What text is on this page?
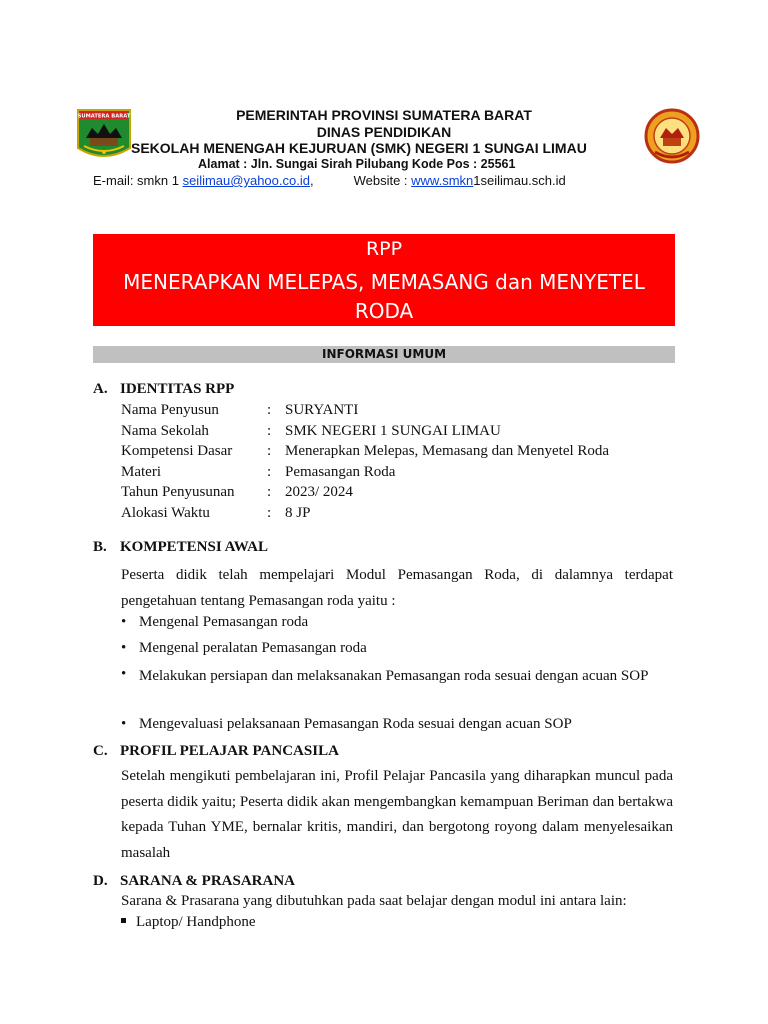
SUMATERA BARAT	PEMERINTAH PROVINSI SUMATERA BARAT
DINAS PENDIDIKAN
SEKOLAH MENENGAH KEJURUAN (SMK) NEGERI 1 SUNGAI LIMAU
Alamat : Jln. Sungai Sirah Pilubang Kode Pos : 25561
E-mail: smkn 1 seilimau@yahoo.co.id,	Website : www.smkn1seilimau.sch.id
RPP
MENERAPKAN MELEPAS, MEMASANG dan MENYETEL RODA
INFORMASI UMUM
A. IDENTITAS RPP
Nama Penyusun	: SURYANTI
Nama Sekolah	: SMK NEGERI 1 SUNGAI LIMAU
Kompetensi Dasar : Menerapkan Melepas, Memasang dan Menyetel Roda
Materi	: Pemasangan Roda
Tahun Penyusunan : 2023/ 2024
Alokasi Waktu	: 8 JP
B. KOMPETENSI AWAL
Peserta didik telah mempelajari Modul Pemasangan Roda, di dalamnya terdapat pengetahuan tentang Pemasangan roda yaitu :
• Mengenal Pemasangan roda
• Mengenal peralatan Pemasangan roda
• Melakukan persiapan dan melaksanakan Pemasangan roda sesuai dengan acuan SOP
• Mengevaluasi pelaksanaan Pemasangan Roda sesuai dengan acuan SOP
C. PROFIL PELAJAR PANCASILA
Setelah mengikuti pembelajaran ini, Profil Pelajar Pancasila yang diharapkan muncul pada peserta didik yaitu; Peserta didik akan mengembangkan kemampuan Beriman dan bertakwa kepada Tuhan YME, bernalar kritis, mandiri, dan bergotong royong dalam menyelesaikan masalah
D. SARANA & PRASARANA
Sarana & Prasarana yang dibutuhkan pada saat belajar dengan modul ini antara lain:
Laptop/ Handphone
